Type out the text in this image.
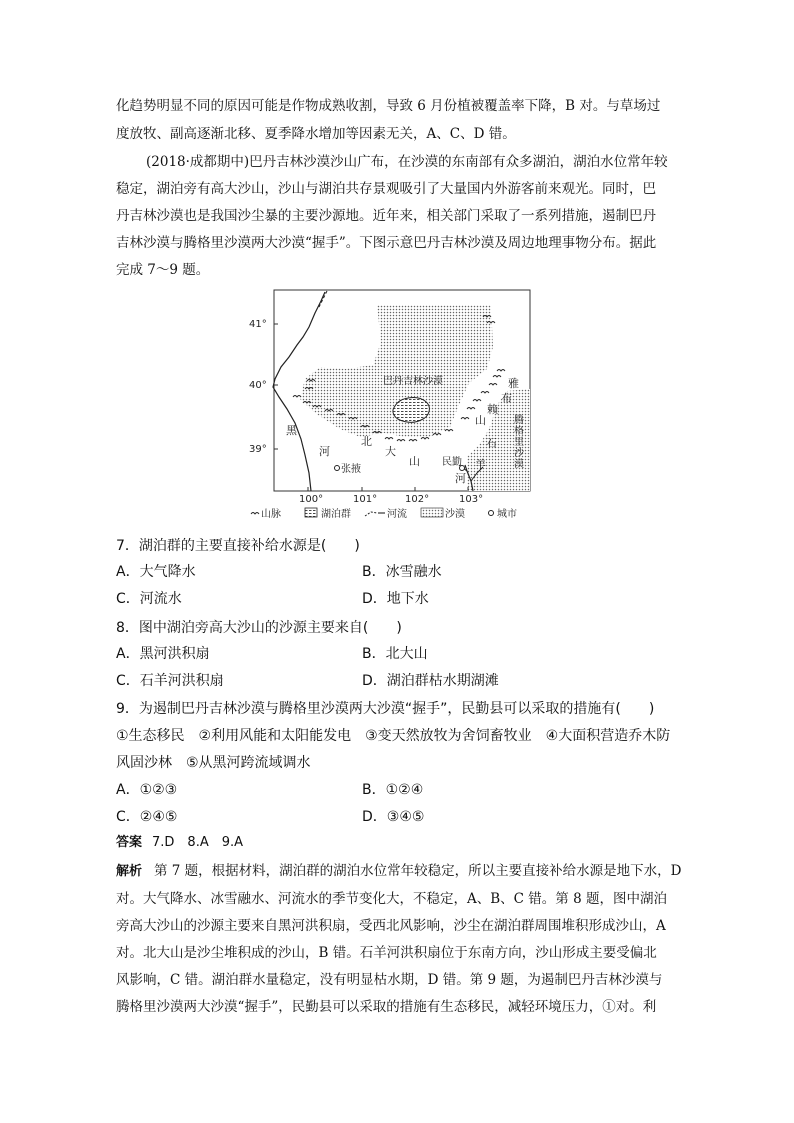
化趋势明显不同的原因可能是作物成熟收割，导致 6 月份植被覆盖率下降，B 对。与草场过
度放牧、副高逐渐北移、夏季降水增加等因素无关，A、C、D 错。
(2018·成都期中)巴丹吉林沙漠沙山广布，在沙漠的东南部有众多湖泊，湖泊水位常年较
稳定，湖泊旁有高大沙山，沙山与湖泊共存景观吸引了大量国内外游客前来观光。同时，巴
丹吉林沙漠也是我国沙尘暴的主要沙源地。近年来，相关部门采取了一系列措施，遏制巴丹
吉林沙漠与腾格里沙漠两大沙漠“握手”。下图示意巴丹吉林沙漠及周边地理事物分布。据此
完成 7～9 题。
41°
40°
39°
100°	101°	102°	103°
巴丹吉林沙漠
黑
河
北
大
山
张掖
民勤
石
羊
河
雅
布
赖
山	腾
格
里
沙
漠
山脉	湖泊群	河流	沙漠	城市
7．湖泊群的主要直接补给水源是(　　)
A．大气降水	B．冰雪融水
C．河流水	D．地下水
8．图中湖泊旁高大沙山的沙源主要来自(　　)
A．黑河洪积扇	B．北大山
C．石羊河洪积扇	D．湖泊群枯水期湖滩
9．为遏制巴丹吉林沙漠与腾格里沙漠两大沙漠“握手”，民勤县可以采取的措施有(　　)
①生态移民　②利用风能和太阳能发电　③变天然放牧为舍饲畜牧业　④大面积营造乔木防
风固沙林　⑤从黑河跨流域调水
A．①②③	B．①②④
C．②④⑤	D．③④⑤
答案 7.D　8.A　9.A
解析 第 7 题，根据材料，湖泊群的湖泊水位常年较稳定，所以主要直接补给水源是地下水，D
对。大气降水、冰雪融水、河流水的季节变化大，不稳定，A、B、C 错。第 8 题，图中湖泊
旁高大沙山的沙源主要来自黑河洪积扇，受西北风影响，沙尘在湖泊群周围堆积形成沙山，A
对。北大山是沙尘堆积成的沙山，B 错。石羊河洪积扇位于东南方向，沙山形成主要受偏北
风影响，C 错。湖泊群水量稳定，没有明显枯水期，D 错。第 9 题，为遏制巴丹吉林沙漠与
腾格里沙漠两大沙漠“握手”，民勤县可以采取的措施有生态移民，减轻环境压力，①对。利
